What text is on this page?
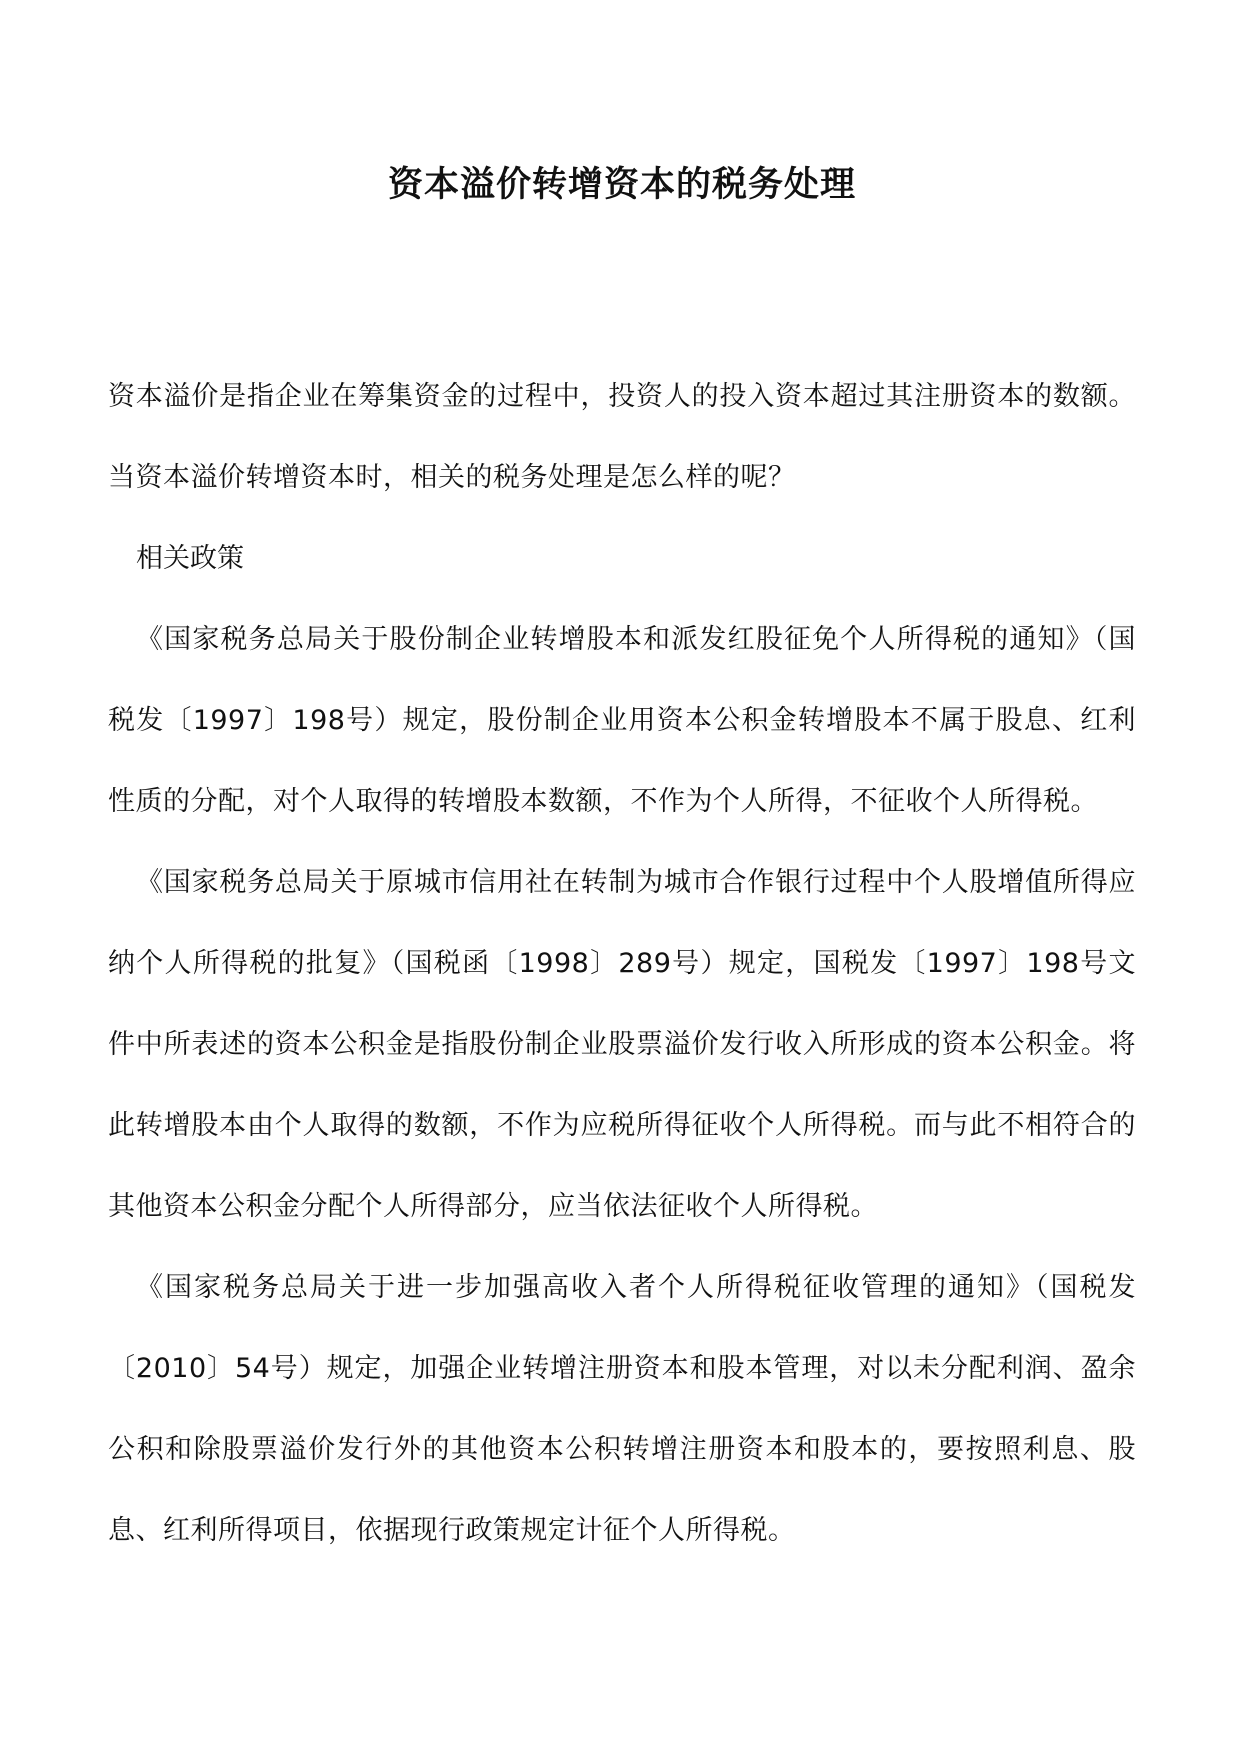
资本溢价转增资本的税务处理

资本溢价是指企业在筹集资金的过程中，投资人的投入资本超过其注册资本的数额。当资本溢价转增资本时，相关的税务处理是怎么样的呢？

相关政策

《国家税务总局关于股份制企业转增股本和派发红股征免个人所得税的通知》（国税发〔1997〕198号）规定，股份制企业用资本公积金转增股本不属于股息、红利性质的分配，对个人取得的转增股本数额，不作为个人所得，不征收个人所得税。

《国家税务总局关于原城市信用社在转制为城市合作银行过程中个人股增值所得应纳个人所得税的批复》（国税函〔1998〕289号）规定，国税发〔1997〕198号文件中所表述的资本公积金是指股份制企业股票溢价发行收入所形成的资本公积金。将此转增股本由个人取得的数额，不作为应税所得征收个人所得税。而与此不相符合的其他资本公积金分配个人所得部分，应当依法征收个人所得税。

《国家税务总局关于进一步加强高收入者个人所得税征收管理的通知》（国税发〔2010〕54号）规定，加强企业转增注册资本和股本管理，对以未分配利润、盈余公积和除股票溢价发行外的其他资本公积转增注册资本和股本的，要按照利息、股息、红利所得项目，依据现行政策规定计征个人所得税。
